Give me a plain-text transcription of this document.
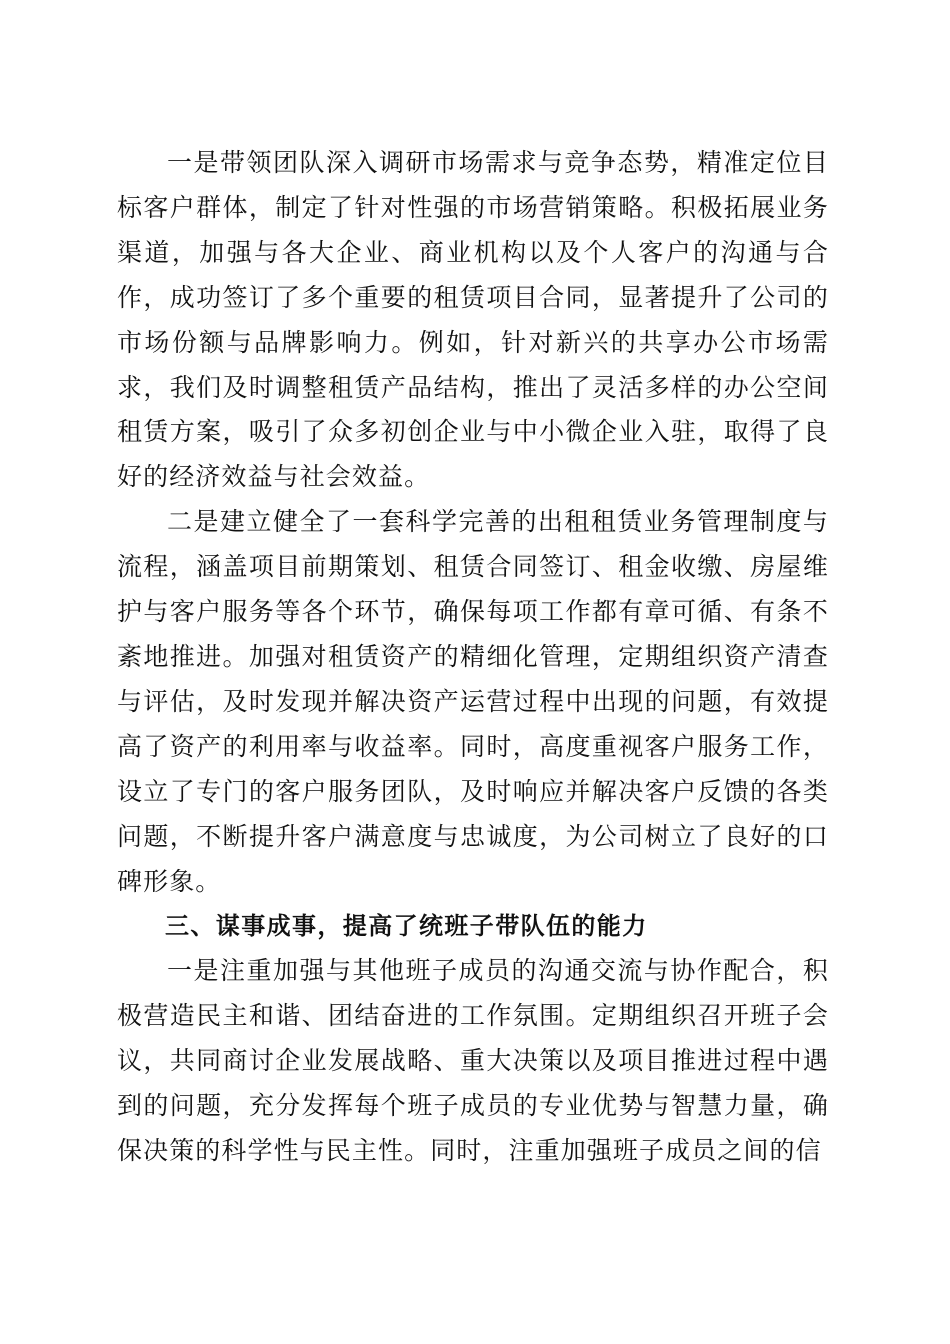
一是带领团队深入调研市场需求与竞争态势，精准定位目标客户群体，制定了针对性强的市场营销策略。积极拓展业务渠道，加强与各大企业、商业机构以及个人客户的沟通与合作，成功签订了多个重要的租赁项目合同，显著提升了公司的市场份额与品牌影响力。例如，针对新兴的共享办公市场需求，我们及时调整租赁产品结构，推出了灵活多样的办公空间租赁方案，吸引了众多初创企业与中小微企业入驻，取得了良好的经济效益与社会效益。

二是建立健全了一套科学完善的出租租赁业务管理制度与流程，涵盖项目前期策划、租赁合同签订、租金收缴、房屋维护与客户服务等各个环节，确保每项工作都有章可循、有条不紊地推进。加强对租赁资产的精细化管理，定期组织资产清查与评估，及时发现并解决资产运营过程中出现的问题，有效提高了资产的利用率与收益率。同时，高度重视客户服务工作，设立了专门的客户服务团队，及时响应并解决客户反馈的各类问题，不断提升客户满意度与忠诚度，为公司树立了良好的口碑形象。

三、谋事成事，提高了统班子带队伍的能力

一是注重加强与其他班子成员的沟通交流与协作配合，积极营造民主和谐、团结奋进的工作氛围。定期组织召开班子会议，共同商讨企业发展战略、重大决策以及项目推进过程中遇到的问题，充分发挥每个班子成员的专业优势与智慧力量，确保决策的科学性与民主性。同时，注重加强班子成员之间的信
